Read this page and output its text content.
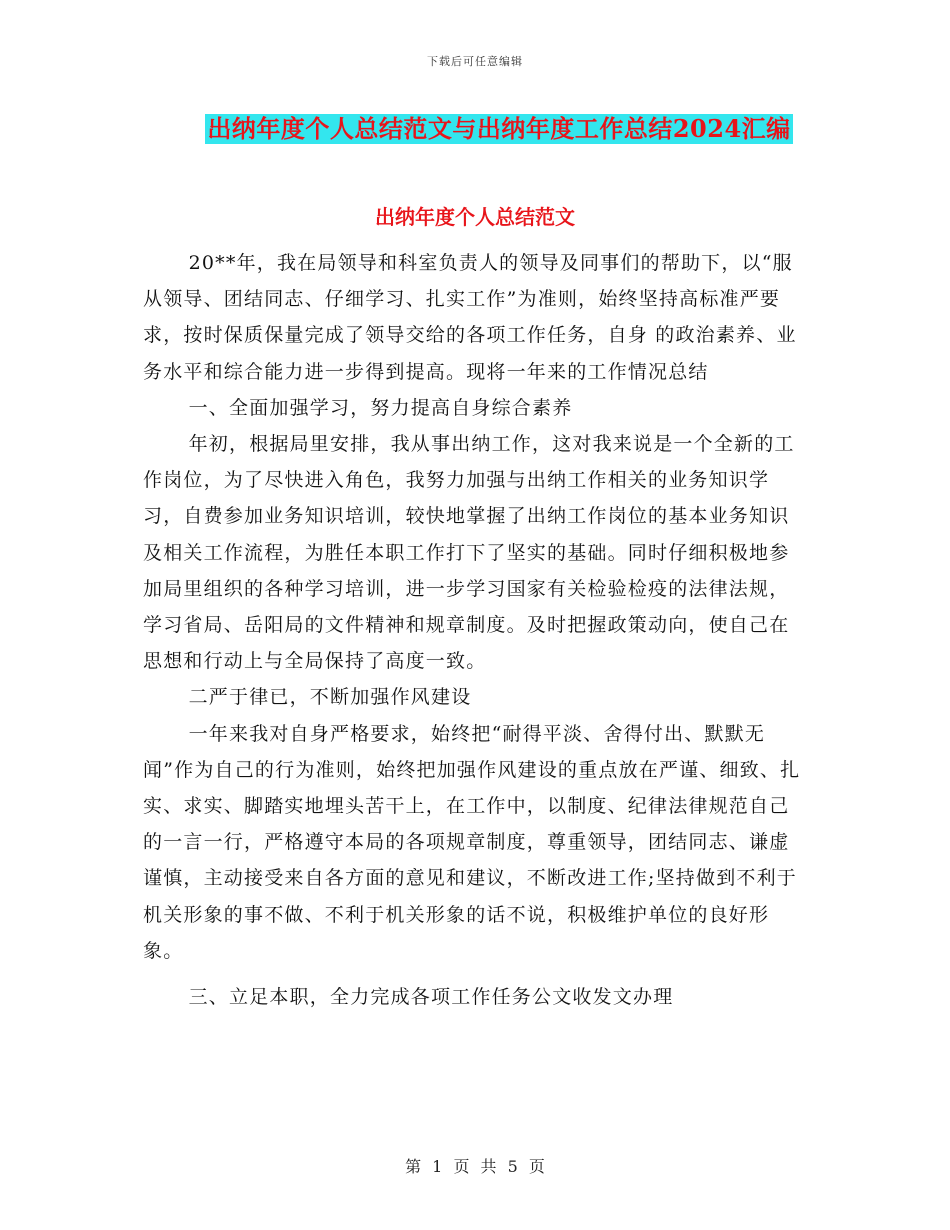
下载后可任意编辑
出纳年度个人总结范文与出纳年度工作总结2024汇编
出纳年度个人总结范文

20**年，我在局领导和科室负责人的领导及同事们的帮助下，以“服从领导、团结同志、仔细学习、扎实工作”为准则，始终坚持高标准严要求，按时保质保量完成了领导交给的各项工作任务，自身 的政治素养、业务水平和综合能力进一步得到提高。现将一年来的工作情况总结

一、全面加强学习，努力提高自身综合素养

年初，根据局里安排，我从事出纳工作，这对我来说是一个全新的工作岗位，为了尽快进入角色，我努力加强与出纳工作相关的业务知识学习，自费参加业务知识培训，较快地掌握了出纳工作岗位的基本业务知识及相关工作流程，为胜任本职工作打下了坚实的基础。同时仔细积极地参加局里组织的各种学习培训，进一步学习国家有关检验检疫的法律法规，学习省局、岳阳局的文件精神和规章制度。及时把握政策动向，使自己在思想和行动上与全局保持了高度一致。

二严于律已，不断加强作风建设

一年来我对自身严格要求，始终把“耐得平淡、舍得付出、默默无闻”作为自己的行为准则，始终把加强作风建设的重点放在严谨、细致、扎实、求实、脚踏实地埋头苦干上，在工作中，以制度、纪律法律规范自己的一言一行，严格遵守本局的各项规章制度，尊重领导，团结同志、谦虚谨慎，主动接受来自各方面的意见和建议，不断改进工作;坚持做到不利于机关形象的事不做、不利于机关形象的话不说，积极维护单位的良好形象。

三、立足本职，全力完成各项工作任务公文收发文办理

第 1 页 共 5 页
